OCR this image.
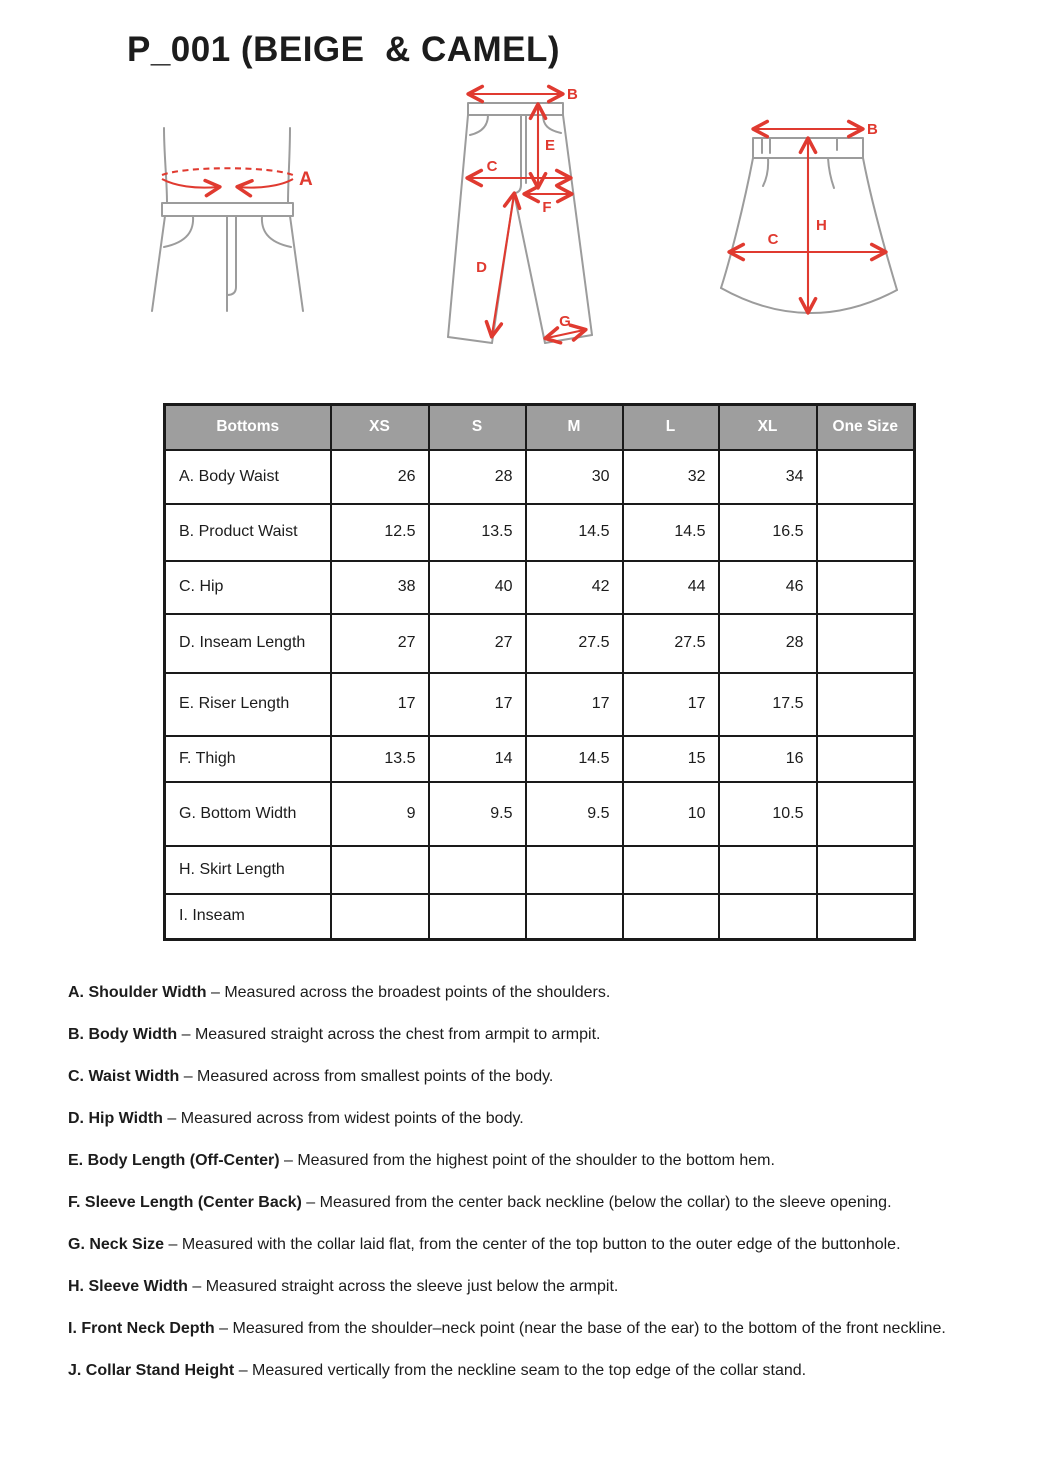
P_001 (BEIGE  & CAMEL)
A
B
E
C
F
D
G
B
H
C
Bottoms	XS	S	M	L	XL	One Size
A. Body Waist	26	28	30	32	34	
B. Product Waist	12.5	13.5	14.5	14.5	16.5	
C. Hip	38	40	42	44	46	
D. Inseam Length	27	27	27.5	27.5	28	
E. Riser Length	17	17	17	17	17.5	
F. Thigh	13.5	14	14.5	15	16	
G. Bottom Width	9	9.5	9.5	10	10.5	
H. Skirt Length						
I. Inseam						

A. Shoulder Width – Measured across the broadest points of the shoulders.

B. Body Width – Measured straight across the chest from armpit to armpit.

C. Waist Width – Measured across from smallest points of the body.

D. Hip Width – Measured across from widest points of the body.

E. Body Length (Off-Center) – Measured from the highest point of the shoulder to the bottom hem.

F. Sleeve Length (Center Back) – Measured from the center back neckline (below the collar) to the sleeve opening.

G. Neck Size – Measured with the collar laid flat, from the center of the top button to the outer edge of the buttonhole.

H. Sleeve Width – Measured straight across the sleeve just below the armpit.

I. Front Neck Depth – Measured from the shoulder–neck point (near the base of the ear) to the bottom of the front neckline.

J. Collar Stand Height – Measured vertically from the neckline seam to the top edge of the collar stand.
